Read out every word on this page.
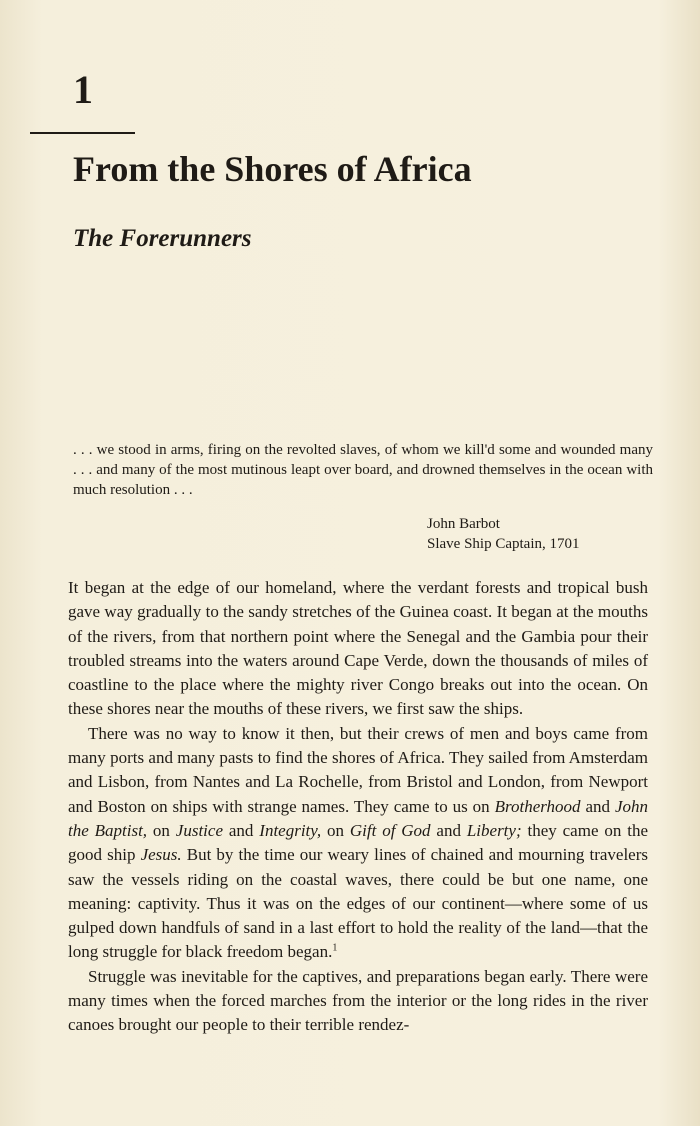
1
From the Shores of Africa
The Forerunners

. . . we stood in arms, firing on the revolted slaves, of whom we kill'd some and wounded many . . . and many of the most mutinous leapt over board, and drowned themselves in the ocean with much resolution . . .

John Barbot
Slave Ship Captain, 1701

It began at the edge of our homeland, where the verdant forests and tropical bush gave way gradually to the sandy stretches of the Guinea coast. It began at the mouths of the rivers, from that northern point where the Senegal and the Gambia pour their troubled streams into the waters around Cape Verde, down the thousands of miles of coastline to the place where the mighty river Congo breaks out into the ocean. On these shores near the mouths of these rivers, we first saw the ships.

There was no way to know it then, but their crews of men and boys came from many ports and many pasts to find the shores of Africa. They sailed from Amsterdam and Lisbon, from Nantes and La Rochelle, from Bristol and London, from Newport and Boston on ships with strange names. They came to us on Brotherhood and John the Baptist, on Justice and Integrity, on Gift of God and Liberty; they came on the good ship Jesus. But by the time our weary lines of chained and mourning travelers saw the vessels riding on the coastal waves, there could be but one name, one meaning: captivity. Thus it was on the edges of our continent—where some of us gulped down handfuls of sand in a last effort to hold the reality of the land—that the long struggle for black freedom began.$^1$

Struggle was inevitable for the captives, and preparations began early. There were many times when the forced marches from the interior or the long rides in the river canoes brought our people to their terrible rendez-
